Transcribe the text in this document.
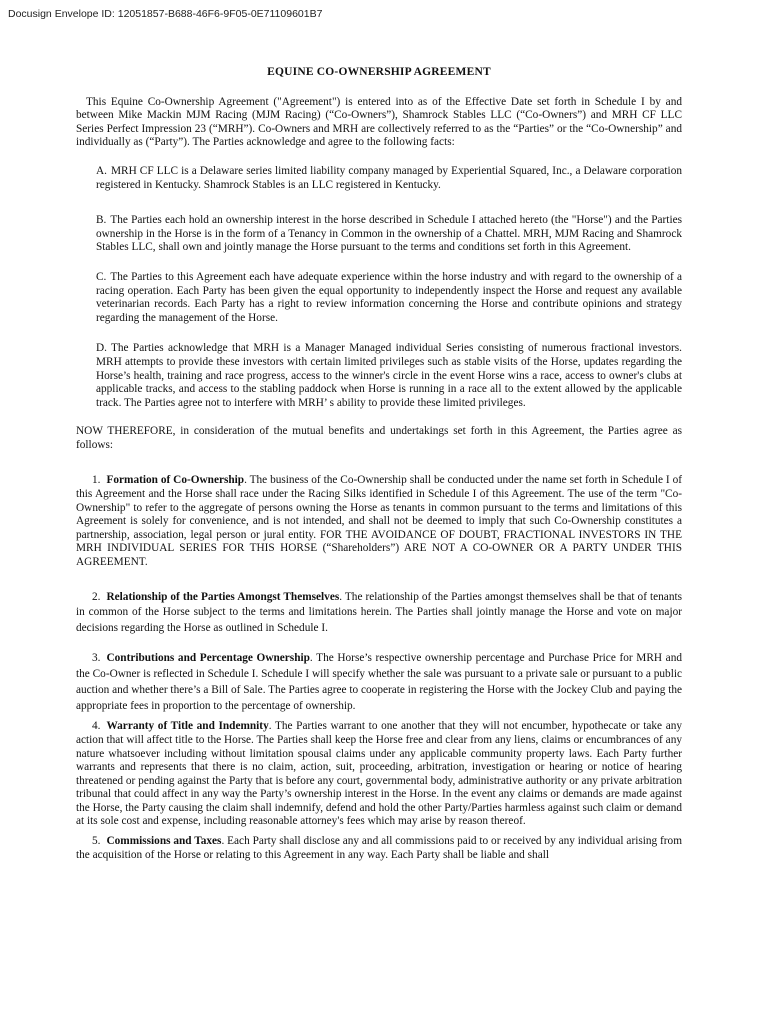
Docusign Envelope ID: 12051857-B688-46F6-9F05-0E71109601B7

EQUINE CO-OWNERSHIP AGREEMENT

This Equine Co-Ownership Agreement ("Agreement") is entered into as of the Effective Date set forth in Schedule I by and between Mike Mackin MJM Racing (MJM Racing) (“Co-Owners”), Shamrock Stables LLC (“Co-Owners”) and MRH CF LLC Series Perfect Impression 23 (“MRH”). Co-Owners and MRH are collectively referred to as the “Parties” or the “Co-Ownership” and individually as (“Party”). The Parties acknowledge and agree to the following facts:

A. MRH CF LLC is a Delaware series limited liability company managed by Experiential Squared, Inc., a Delaware corporation registered in Kentucky. Shamrock Stables is an LLC registered in Kentucky.

B. The Parties each hold an ownership interest in the horse described in Schedule I attached hereto (the "Horse") and the Parties ownership in the Horse is in the form of a Tenancy in Common in the ownership of a Chattel. MRH, MJM Racing and Shamrock Stables LLC, shall own and jointly manage the Horse pursuant to the terms and conditions set forth in this Agreement.

C. The Parties to this Agreement each have adequate experience within the horse industry and with regard to the ownership of a racing operation. Each Party has been given the equal opportunity to independently inspect the Horse and request any available veterinarian records. Each Party has a right to review information concerning the Horse and contribute opinions and strategy regarding the management of the Horse.

D. The Parties acknowledge that MRH is a Manager Managed individual Series consisting of numerous fractional investors. MRH attempts to provide these investors with certain limited privileges such as stable visits of the Horse, updates regarding the Horse’s health, training and race progress, access to the winner's circle in the event Horse wins a race, access to owner's clubs at applicable tracks, and access to the stabling paddock when Horse is running in a race all to the extent allowed by the applicable track. The Parties agree not to interfere with MRH’ s ability to provide these limited privileges.

NOW THEREFORE, in consideration of the mutual benefits and undertakings set forth in this Agreement, the Parties agree as follows:

1. Formation of Co-Ownership. The business of the Co-Ownership shall be conducted under the name set forth in Schedule I of this Agreement and the Horse shall race under the Racing Silks identified in Schedule I of this Agreement. The use of the term "Co-Ownership" to refer to the aggregate of persons owning the Horse as tenants in common pursuant to the terms and limitations of this Agreement is solely for convenience, and is not intended, and shall not be deemed to imply that such Co-Ownership constitutes a partnership, association, legal person or jural entity. FOR THE AVOIDANCE OF DOUBT, FRACTIONAL INVESTORS IN THE MRH INDIVIDUAL SERIES FOR THIS HORSE (“Shareholders”) ARE NOT A CO-OWNER OR A PARTY UNDER THIS AGREEMENT.

2. Relationship of the Parties Amongst Themselves. The relationship of the Parties amongst themselves shall be that of tenants in common of the Horse subject to the terms and limitations herein. The Parties shall jointly manage the Horse and vote on major decisions regarding the Horse as outlined in Schedule I.

3. Contributions and Percentage Ownership. The Horse’s respective ownership percentage and Purchase Price for MRH and the Co-Owner is reflected in Schedule I. Schedule I will specify whether the sale was pursuant to a private sale or pursuant to a public auction and whether there’s a Bill of Sale. The Parties agree to cooperate in registering the Horse with the Jockey Club and paying the appropriate fees in proportion to the percentage of ownership.

4. Warranty of Title and Indemnity. The Parties warrant to one another that they will not encumber, hypothecate or take any action that will affect title to the Horse. The Parties shall keep the Horse free and clear from any liens, claims or encumbrances of any nature whatsoever including without limitation spousal claims under any applicable community property laws. Each Party further warrants and represents that there is no claim, action, suit, proceeding, arbitration, investigation or hearing or notice of hearing threatened or pending against the Party that is before any court, governmental body, administrative authority or any private arbitration tribunal that could affect in any way the Party’s ownership interest in the Horse. In the event any claims or demands are made against the Horse, the Party causing the claim shall indemnify, defend and hold the other Party/Parties harmless against such claim or demand at its sole cost and expense, including reasonable attorney's fees which may arise by reason thereof.

5. Commissions and Taxes. Each Party shall disclose any and all commissions paid to or received by any individual arising from the acquisition of the Horse or relating to this Agreement in any way. Each Party shall be liable and shall
